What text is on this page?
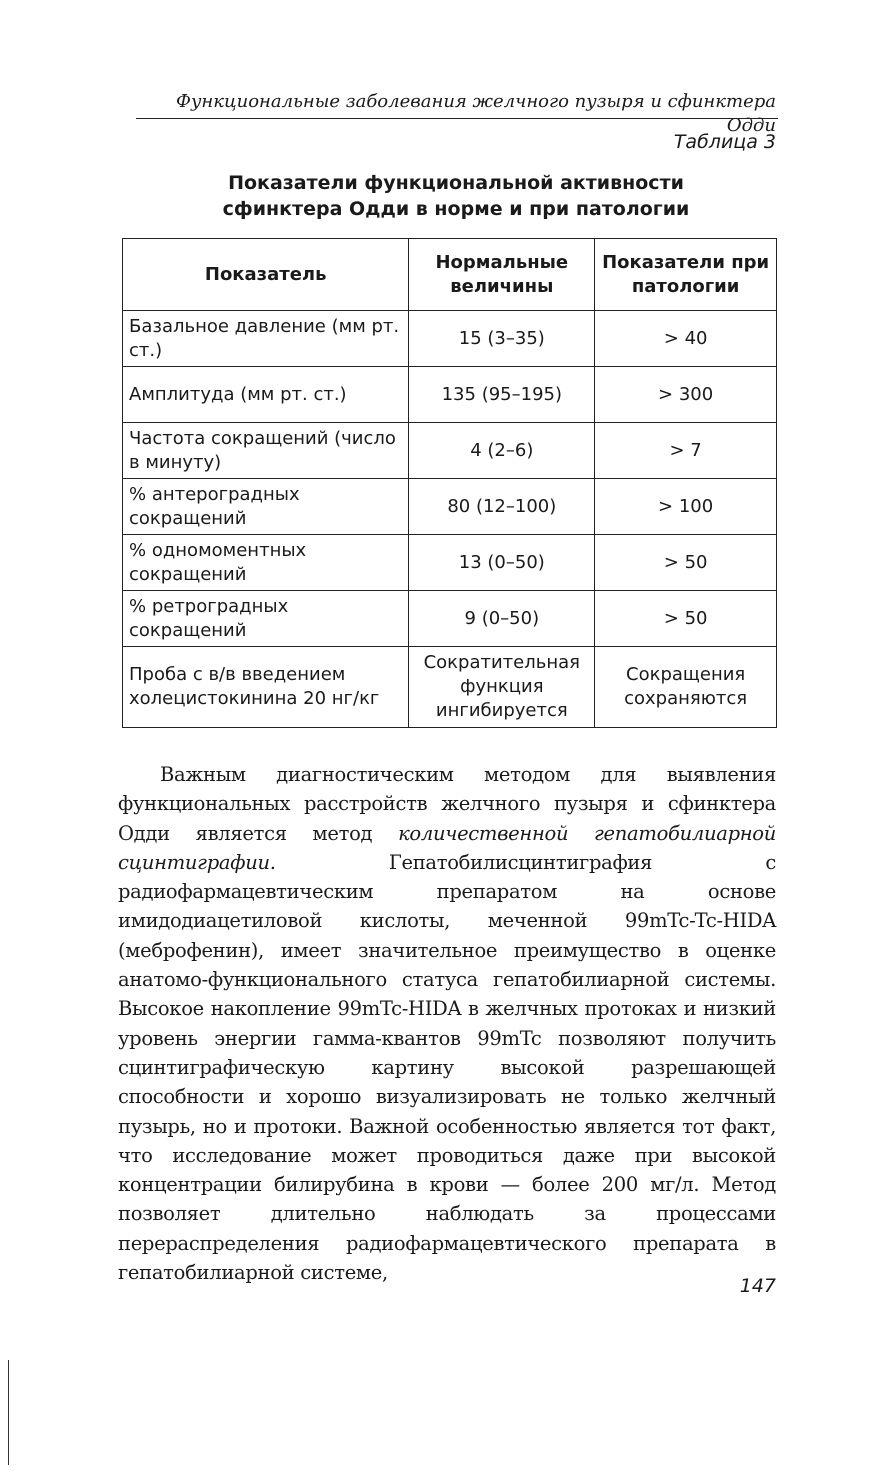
Функциональные заболевания желчного пузыря и сфинктера Одди
Таблица 3
Показатели функциональной активности
сфинктера Одди в норме и при патологии
Показатель	Нормальные величины	Показатели при патологии
Базальное давление (мм рт. ст.)	15 (3–35)	> 40
Амплитуда (мм рт. ст.)	135 (95–195)	> 300
Частота сокращений (число в минуту)	4 (2–6)	> 7
% антероградных сокращений	80 (12–100)	> 100
% одномоментных сокращений	13 (0–50)	> 50
% ретроградных сокращений	9 (0–50)	> 50
Проба с в/в введением холецистокинина 20 нг/кг	Сократительная функция ингибируется	Сокращения сохраняются
Важным диагностическим методом для выявления функциональных расстройств желчного пузыря и сфинктера Одди является метод количественной гепатобилиарной сцинтиграфии. Гепатобилисцинтиграфия с радиофармацевтическим препаратом на основе имидодиацетиловой кислоты, меченной 99mTc-Tc-HIDA (меброфенин), имеет значительное преимущество в оценке анатомо-функционального статуса гепатобилиарной системы. Высокое накопление 99mTc-HIDA в желчных протоках и низкий уровень энергии гамма-квантов 99mTc позволяют получить сцинтиграфическую картину высокой разрешающей способности и хорошо визуализировать не только желчный пузырь, но и протоки. Важной особенностью является тот факт, что исследование может проводиться даже при высокой концентрации билирубина в крови — более 200 мг/л. Метод позволяет длительно наблюдать за процессами перераспределения радиофармацевтического препарата в гепатобилиарной системе,
147
